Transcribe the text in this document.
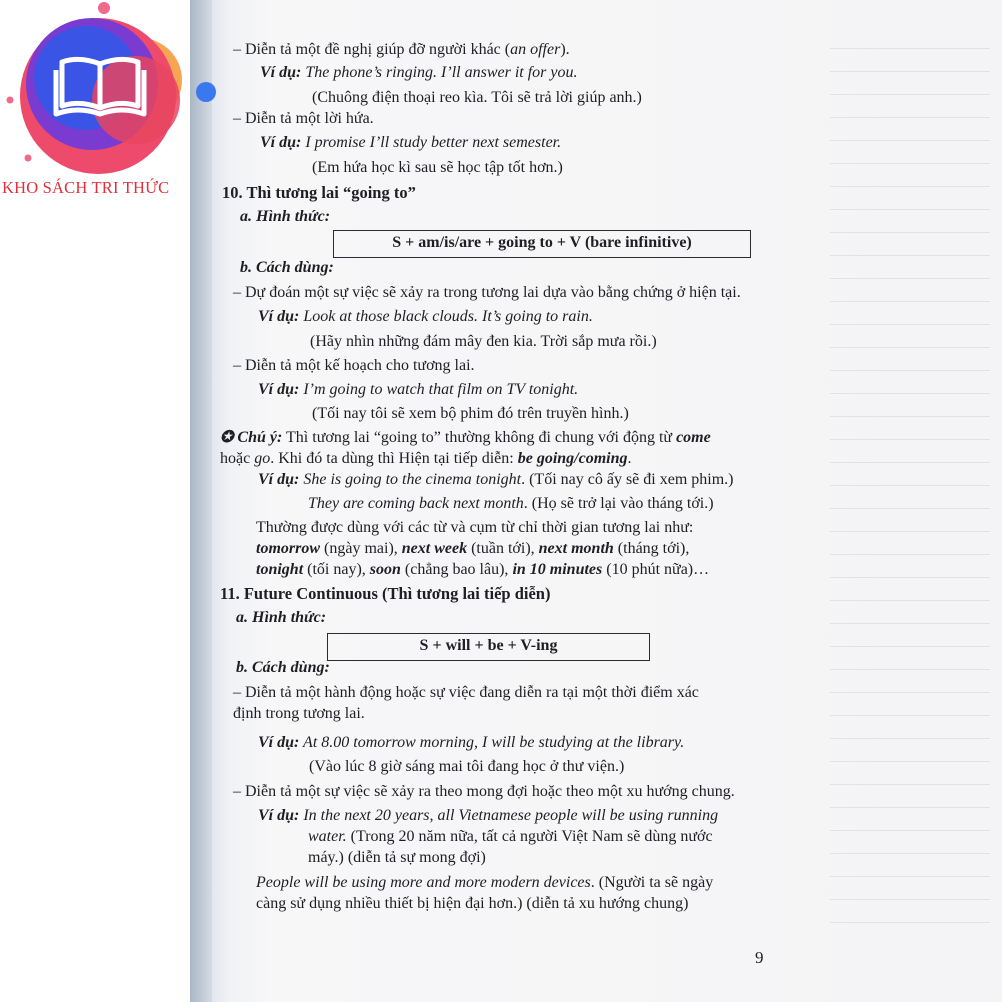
– Diễn tả một đề nghị giúp đỡ người khác (an offer).
Ví dụ: The phone’s ringing. I’ll answer it for you.
(Chuông điện thoại reo kìa. Tôi sẽ trả lời giúp anh.)
– Diễn tả một lời hứa.
Ví dụ: I promise I’ll study better next semester.
(Em hứa học kì sau sẽ học tập tốt hơn.)
10. Thì tương lai “going to”
a. Hình thức:
b. Cách dùng:
– Dự đoán một sự việc sẽ xảy ra trong tương lai dựa vào bằng chứng ở hiện tại.
Ví dụ: Look at those black clouds. It’s going to rain.
(Hãy nhìn những đám mây đen kia. Trời sắp mưa rồi.)
– Diễn tả một kế hoạch cho tương lai.
Ví dụ: I’m going to watch that film on TV tonight.
(Tối nay tôi sẽ xem bộ phim đó trên truyền hình.)
✪ Chú ý: Thì tương lai “going to” thường không đi chung với động từ come
hoặc go. Khi đó ta dùng thì Hiện tại tiếp diễn: be going/coming.
Ví dụ: She is going to the cinema tonight. (Tối nay cô ấy sẽ đi xem phim.)
They are coming back next month. (Họ sẽ trở lại vào tháng tới.)
Thường được dùng với các từ và cụm từ chỉ thời gian tương lai như:
tomorrow (ngày mai), next week (tuần tới), next month (tháng tới),
tonight (tối nay), soon (chẳng bao lâu), in 10 minutes (10 phút nữa)…
11. Future Continuous (Thì tương lai tiếp diễn)
a. Hình thức:
b. Cách dùng:
– Diễn tả một hành động hoặc sự việc đang diễn ra tại một thời điểm xác
định trong tương lai.
Ví dụ: At 8.00 tomorrow morning, I will be studying at the library.
(Vào lúc 8 giờ sáng mai tôi đang học ở thư viện.)
– Diễn tả một sự việc sẽ xảy ra theo mong đợi hoặc theo một xu hướng chung.
Ví dụ: In the next 20 years, all Vietnamese people will be using running
water. (Trong 20 năm nữa, tất cả người Việt Nam sẽ dùng nước
máy.) (diễn tả sự mong đợi)
People will be using more and more modern devices. (Người ta sẽ ngày
càng sử dụng nhiều thiết bị hiện đại hơn.) (diễn tả xu hướng chung)
S + am/is/are + going to + V (bare infinitive)
S + will + be + V-ing
9
KHO SÁCH TRI THỨC
